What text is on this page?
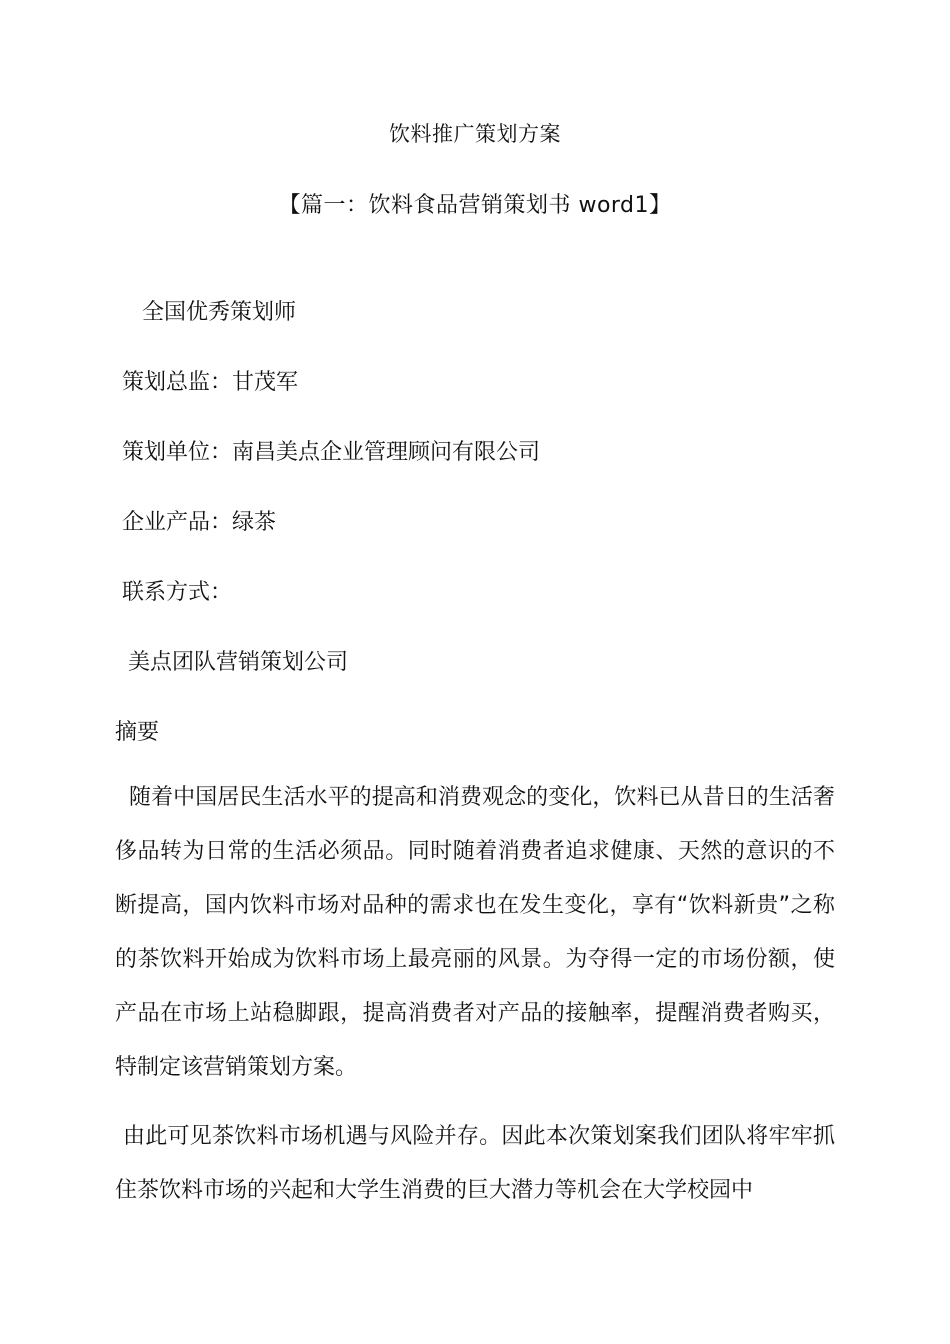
饮料推广策划方案
【篇一：饮料食品营销策划书 word1】
全国优秀策划师
策划总监：甘茂军
策划单位：南昌美点企业管理顾问有限公司
企业产品：绿茶
联系方式：
美点团队营销策划公司
摘要

随着中国居民生活水平的提高和消费观念的变化，饮料已从昔日的生活奢侈品转为日常的生活必须品。同时随着消费者追求健康、天然的意识的不断提高，国内饮料市场对品种的需求也在发生变化，享有“饮料新贵”之称的茶饮料开始成为饮料市场上最亮丽的风景。为夺得一定的市场份额，使产品在市场上站稳脚跟，提高消费者对产品的接触率，提醒消费者购买，特制定该营销策划方案。

由此可见茶饮料市场机遇与风险并存。因此本次策划案我们团队将牢牢抓住茶饮料市场的兴起和大学生消费的巨大潜力等机会在大学校园中
